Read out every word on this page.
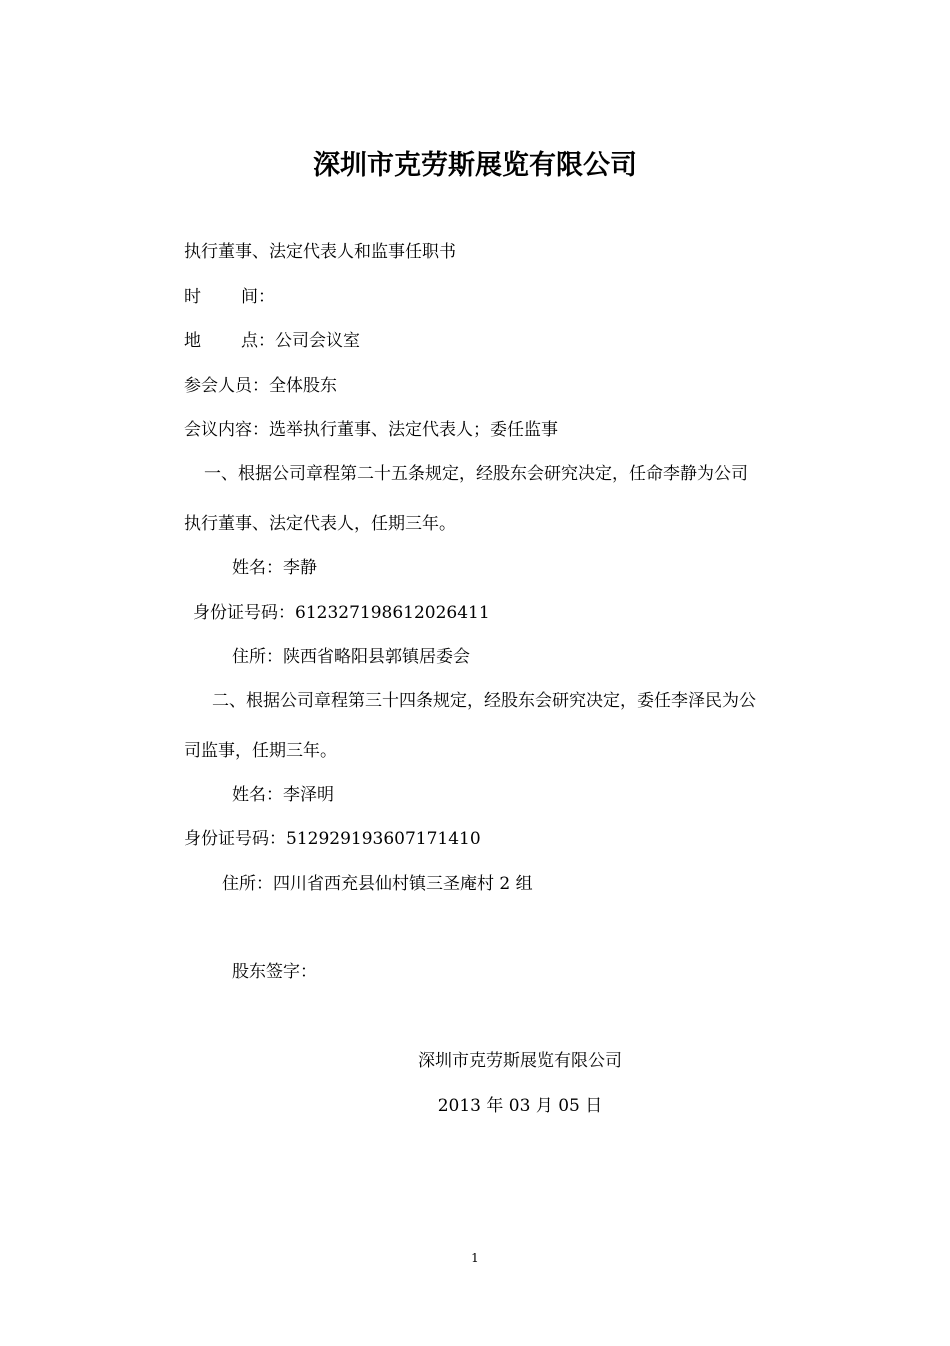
深圳市克劳斯展览有限公司
执行董事、法定代表人和监事任职书
时 间：
地 点：公司会议室
参会人员：全体股东
会议内容：选举执行董事、法定代表人；委任监事
一、根据公司章程第二十五条规定，经股东会研究决定，任命李静为公司
执行董事、法定代表人，任期三年。
姓名：李静
身份证号码：612327198612026411
住所：陕西省略阳县郭镇居委会
二、根据公司章程第三十四条规定，经股东会研究决定，委任李泽民为公
司监事，任期三年。
姓名：李泽明
身份证号码：512929193607171410
住所：四川省西充县仙村镇三圣庵村 2 组
股东签字：
深圳市克劳斯展览有限公司
2013 年 03 月 05 日
1
